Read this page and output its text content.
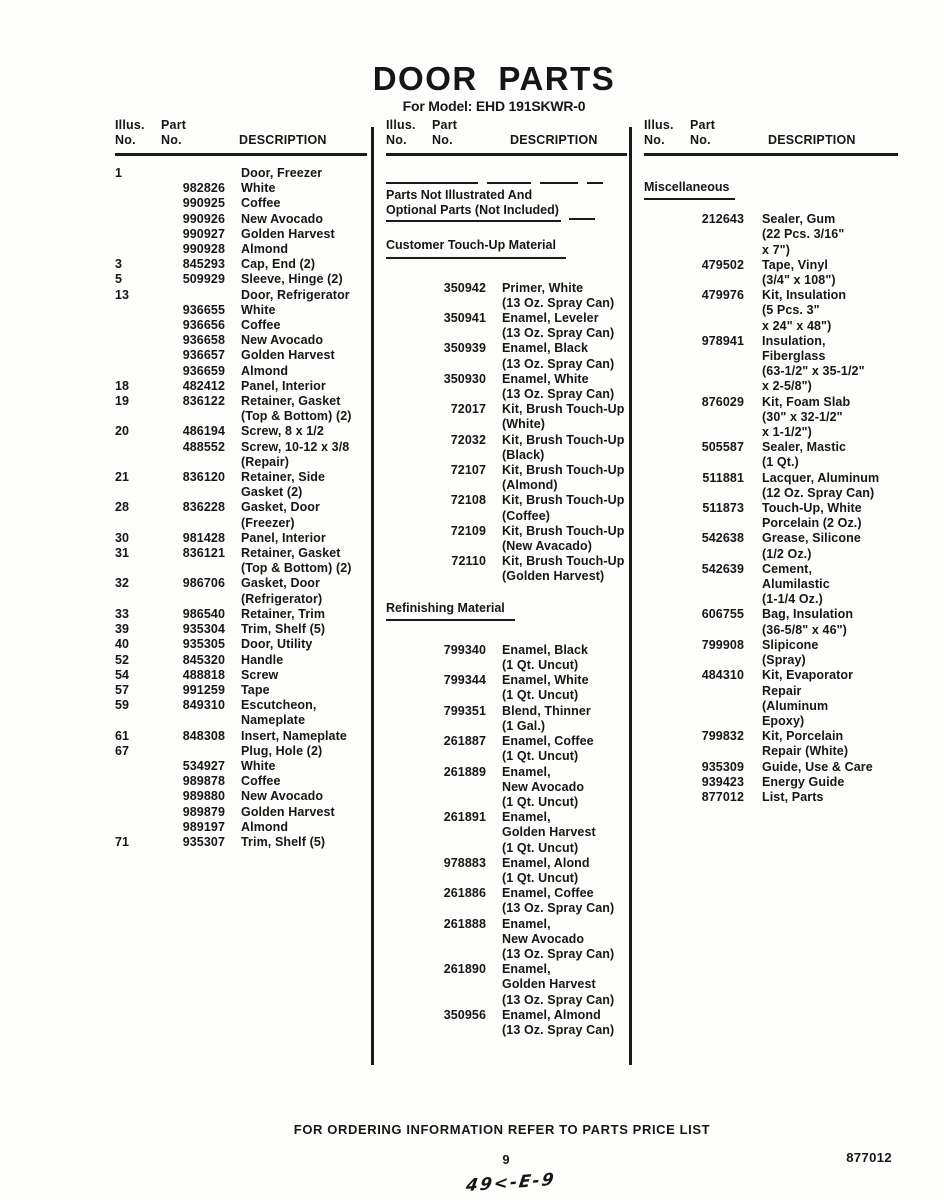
DOOR PARTS
For Model: EHD 191SKWR-0
Illus.	Part
No.	No.	DESCRIPTION
1	Door, Freezer
982826 White
990925 Coffee
990926 New Avocado
990927 Golden Harvest
990928 Almond
3	845293 Cap, End (2)
5	509929 Sleeve, Hinge (2)
13	Door, Refrigerator
936655 White
936656 Coffee
936658 New Avocado
936657 Golden Harvest
936659 Almond
18	482412 Panel, Interior
19	836122 Retainer, Gasket
(Top & Bottom) (2)
20	486194 Screw, 8 x 1/2
488552 Screw, 10-12 x 3/8
(Repair)
21	836120 Retainer, Side
Gasket (2)
28	836228 Gasket, Door
(Freezer)
30	981428 Panel, Interior
31	836121 Retainer, Gasket
(Top & Bottom) (2)
32	986706 Gasket, Door
(Refrigerator)
33	986540 Retainer, Trim
39	935304 Trim, Shelf (5)
40	935305 Door, Utility
52	845320 Handle
54	488818 Screw
57	991259 Tape
59	849310 Escutcheon,
Nameplate
61	848308 Insert, Nameplate
67	Plug, Hole (2)
534927 White
989878 Coffee
989880 New Avocado
989879 Golden Harvest
989197 Almond
71	935307 Trim, Shelf (5)
Illus.	Part
No.	No.	DESCRIPTION
Parts Not Illustrated And
Optional Parts (Not Included)
Customer Touch-Up Material
350942 Primer, White
(13 Oz. Spray Can)
350941 Enamel, Leveler
(13 Oz. Spray Can)
350939 Enamel, Black
(13 Oz. Spray Can)
350930 Enamel, White
(13 Oz. Spray Can)
72017 Kit, Brush Touch-Up
(White)
72032 Kit, Brush Touch-Up
(Black)
72107 Kit, Brush Touch-Up
(Almond)
72108 Kit, Brush Touch-Up
(Coffee)
72109 Kit, Brush Touch-Up
(New Avacado)
72110 Kit, Brush Touch-Up
(Golden Harvest)
Refinishing Material
799340 Enamel, Black
(1 Qt. Uncut)
799344 Enamel, White
(1 Qt. Uncut)
799351 Blend, Thinner
(1 Gal.)
261887 Enamel, Coffee
(1 Qt. Uncut)
261889 Enamel,
New Avocado
(1 Qt. Uncut)
261891 Enamel,
Golden Harvest
(1 Qt. Uncut)
978883 Enamel, Alond
(1 Qt. Uncut)
261886 Enamel, Coffee
(13 Oz. Spray Can)
261888 Enamel,
New Avocado
(13 Oz. Spray Can)
261890 Enamel,
Golden Harvest
(13 Oz. Spray Can)
350956 Enamel, Almond
(13 Oz. Spray Can)
Illus.	Part
No.	No.	DESCRIPTION
Miscellaneous
212643 Sealer, Gum
(22 Pcs. 3/16"
x 7")
479502 Tape, Vinyl
(3/4" x 108")
479976 Kit, Insulation
(5 Pcs. 3"
x 24" x 48")
978941 Insulation,
Fiberglass
(63-1/2" x 35-1/2"
x 2-5/8")
876029 Kit, Foam Slab
(30" x 32-1/2"
x 1-1/2")
505587 Sealer, Mastic
(1 Qt.)
511881 Lacquer, Aluminum
(12 Oz. Spray Can)
511873 Touch-Up, White
Porcelain (2 Oz.)
542638 Grease, Silicone
(1/2 Oz.)
542639 Cement,
Alumilastic
(1-1/4 Oz.)
606755 Bag, Insulation
(36-5/8" x 46")
799908 Slipicone
(Spray)
484310 Kit, Evaporator
Repair
(Aluminum
Epoxy)
799832 Kit, Porcelain
Repair (White)
935309 Guide, Use & Care
939423 Energy Guide
877012 List, Parts
FOR ORDERING INFORMATION REFER TO PARTS PRICE LIST
9	877012
49<-E-9
